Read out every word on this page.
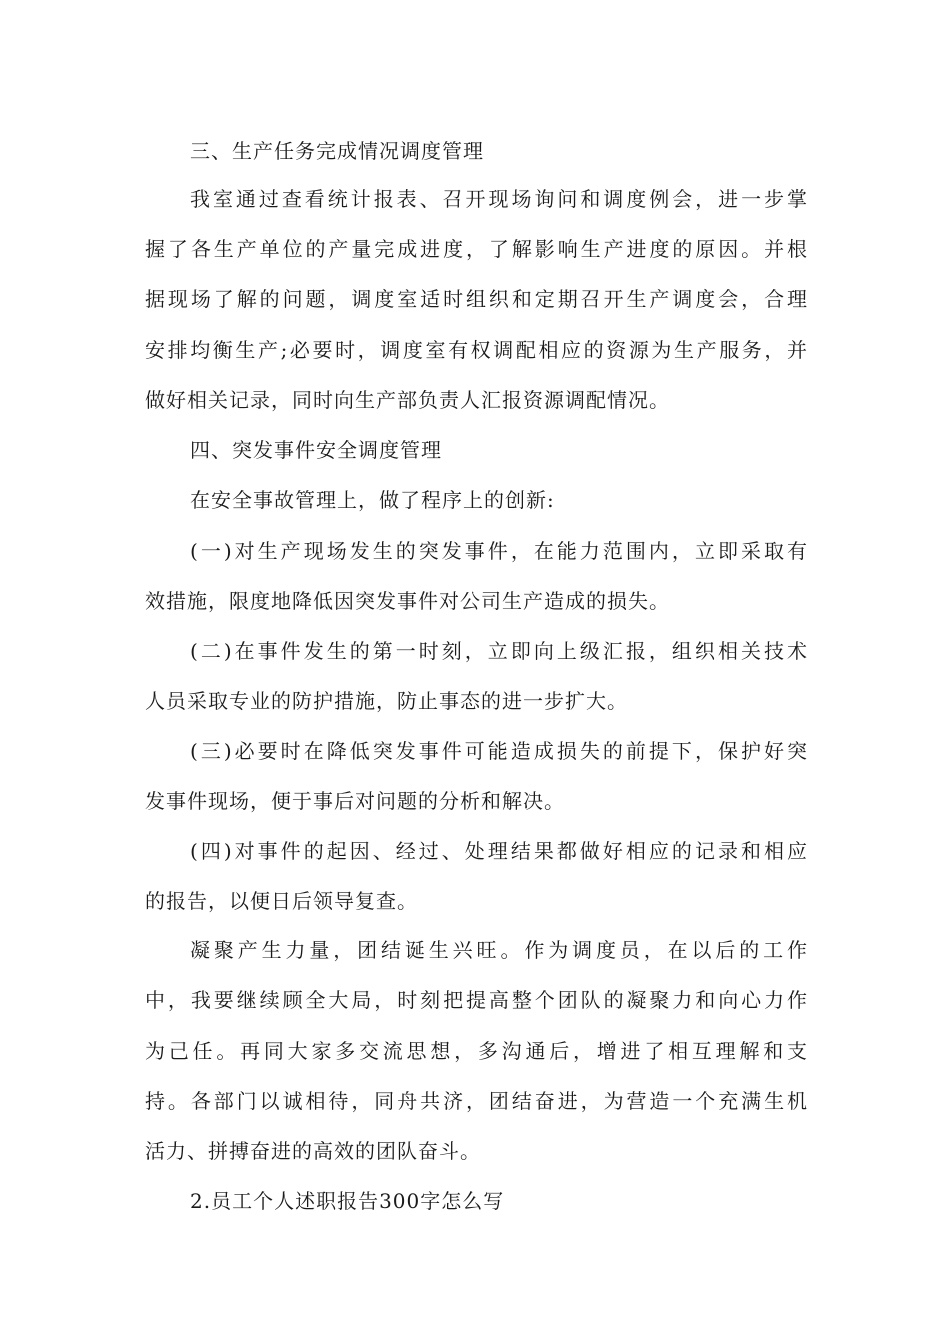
三、生产任务完成情况调度管理
我室通过查看统计报表、召开现场询问和调度例会，进一步掌
握了各生产单位的产量完成进度，了解影响生产进度的原因。并根
据现场了解的问题，调度室适时组织和定期召开生产调度会，合理
安排均衡生产;必要时，调度室有权调配相应的资源为生产服务，并
做好相关记录，同时向生产部负责人汇报资源调配情况。
四、突发事件安全调度管理
在安全事故管理上，做了程序上的创新:
(一)对生产现场发生的突发事件，在能力范围内，立即采取有
效措施，限度地降低因突发事件对公司生产造成的损失。
(二)在事件发生的第一时刻，立即向上级汇报，组织相关技术
人员采取专业的防护措施，防止事态的进一步扩大。
(三)必要时在降低突发事件可能造成损失的前提下，保护好突
发事件现场，便于事后对问题的分析和解决。
(四)对事件的起因、经过、处理结果都做好相应的记录和相应
的报告，以便日后领导复查。
凝聚产生力量，团结诞生兴旺。作为调度员，在以后的工作
中，我要继续顾全大局，时刻把提高整个团队的凝聚力和向心力作
为己任。再同大家多交流思想，多沟通后，增进了相互理解和支
持。各部门以诚相待，同舟共济，团结奋进，为营造一个充满生机
活力、拼搏奋进的高效的团队奋斗。
2.员工个人述职报告300字怎么写
